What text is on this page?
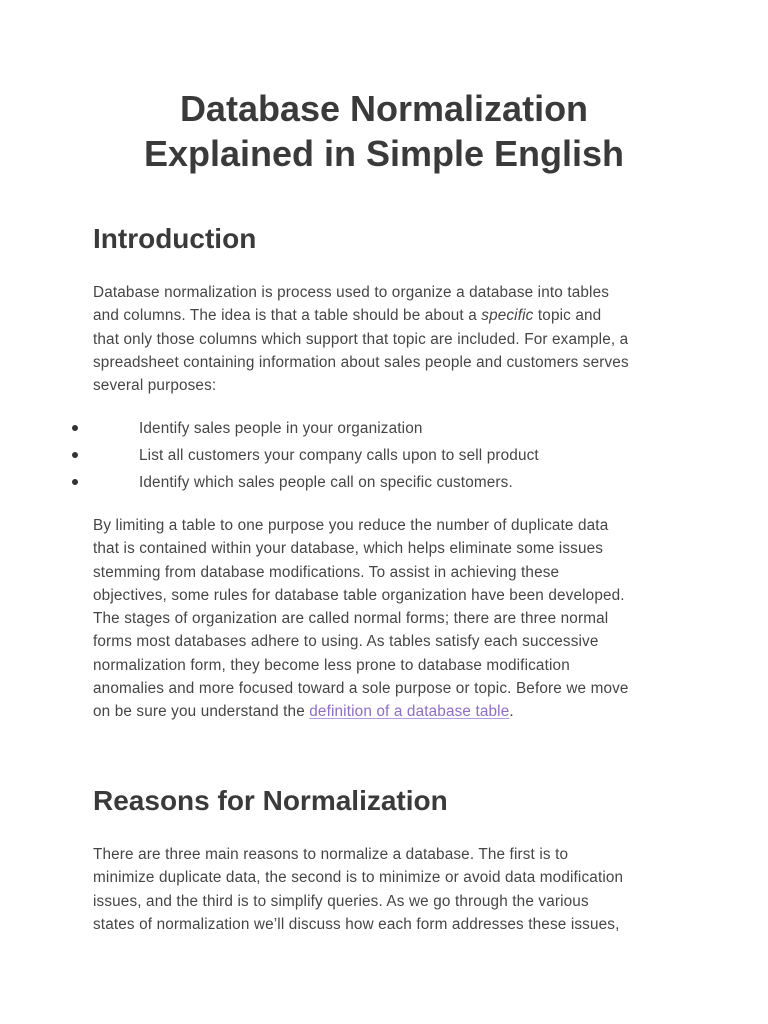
Database Normalization
Explained in Simple English
Introduction

Database normalization is process used to organize a database into tables
and columns. The idea is that a table should be about a specific topic and
that only those columns which support that topic are included. For example, a
spreadsheet containing information about sales people and customers serves
several purposes:

Identify sales people in your organization
List all customers your company calls upon to sell product
Identify which sales people call on specific customers.

By limiting a table to one purpose you reduce the number of duplicate data
that is contained within your database, which helps eliminate some issues
stemming from database modifications. To assist in achieving these
objectives, some rules for database table organization have been developed.
The stages of organization are called normal forms; there are three normal
forms most databases adhere to using. As tables satisfy each successive
normalization form, they become less prone to database modification
anomalies and more focused toward a sole purpose or topic. Before we move
on be sure you understand the definition of a database table.

Reasons for Normalization

There are three main reasons to normalize a database. The first is to
minimize duplicate data, the second is to minimize or avoid data modification
issues, and the third is to simplify queries. As we go through the various
states of normalization we’ll discuss how each form addresses these issues,
